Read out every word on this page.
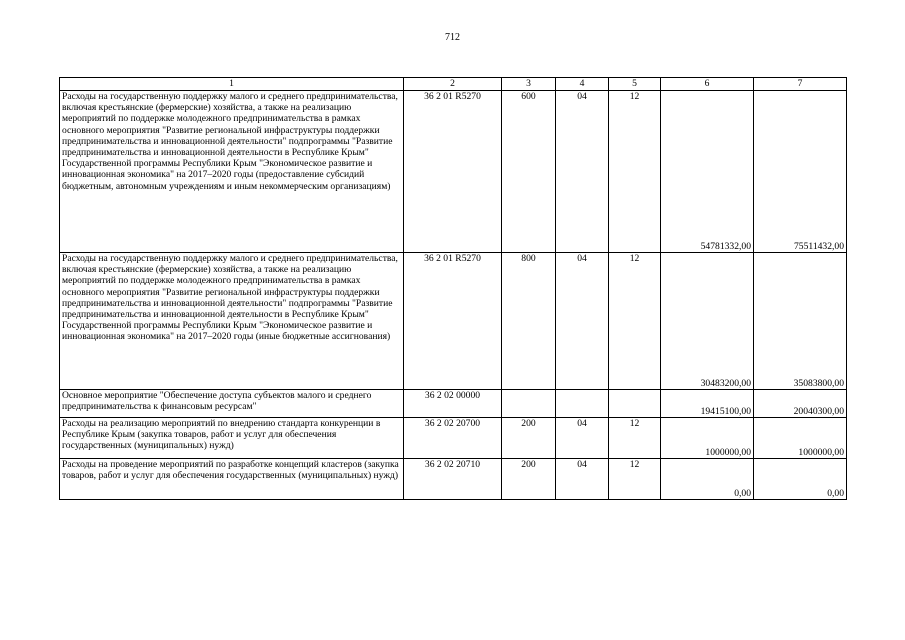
712
1	2	3	4	5	6	7
Расходы на государственную поддержку малого и среднего предпринимательства, включая крестьянские (фермерские) хозяйства, а также на реализацию мероприятий по поддержке молодежного предпринимательства в рамках основного мероприятия "Развитие региональной инфраструктуры поддержки предпринимательства и инновационной деятельности" подпрограммы "Развитие предпринимательства и инновационной деятельности в Республике Крым" Государственной программы Республики Крым "Экономическое развитие и инновационная экономика" на 2017–2020 годы (предоставление субсидий бюджетным, автономным учреждениям и иным некоммерческим организациям)	36 2 01 R5270	600	04	12	54781332,00	75511432,00
Расходы на государственную поддержку малого и среднего предпринимательства, включая крестьянские (фермерские) хозяйства, а также на реализацию мероприятий по поддержке молодежного предпринимательства в рамках основного мероприятия "Развитие региональной инфраструктуры поддержки предпринимательства и инновационной деятельности" подпрограммы "Развитие предпринимательства и инновационной деятельности в Республике Крым" Государственной программы Республики Крым "Экономическое развитие и инновационная экономика" на 2017–2020 годы (иные бюджетные ассигнования)	36 2 01 R5270	800	04	12	30483200,00	35083800,00
Основное мероприятие "Обеспечение доступа субъектов малого и среднего предпринимательства к финансовым ресурсам"	36 2 02 00000				19415100,00	20040300,00
Расходы на реализацию мероприятий по внедрению стандарта конкуренции в Республике Крым (закупка товаров, работ и услуг для обеспечения государственных (муниципальных) нужд)	36 2 02 20700	200	04	12	1000000,00	1000000,00
Расходы на проведение мероприятий по разработке концепций кластеров (закупка товаров, работ и услуг для обеспечения государственных (муниципальных) нужд)	36 2 02 20710	200	04	12	0,00	0,00
